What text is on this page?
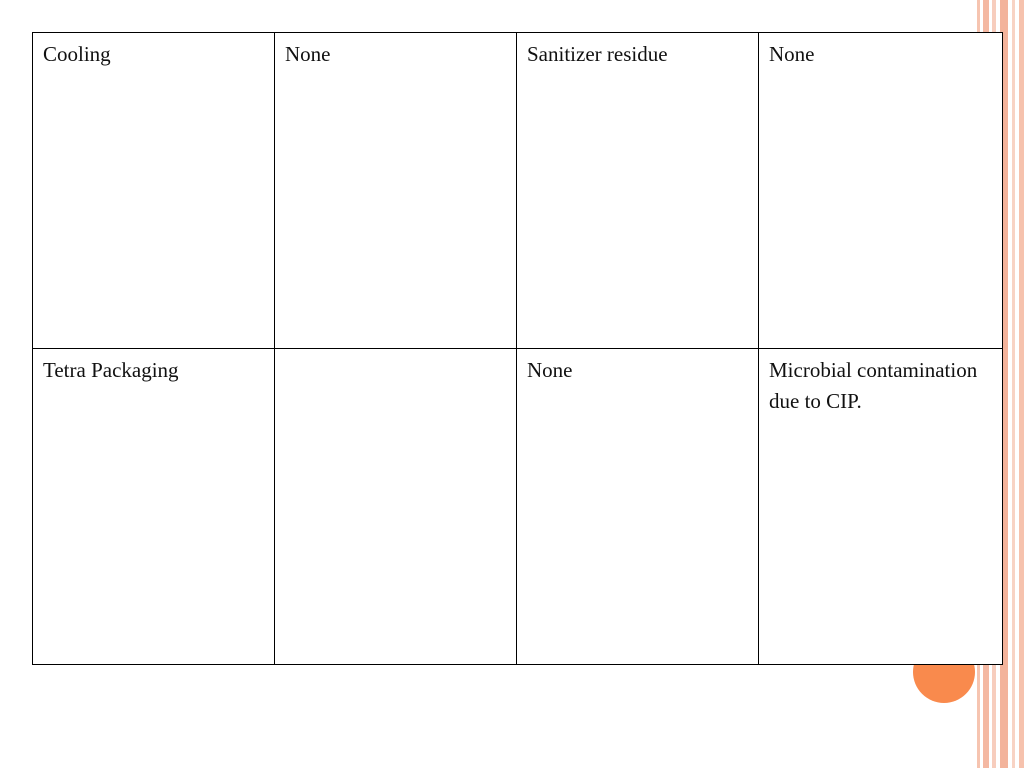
Cooling	None	Sanitizer residue	None
Tetra Packaging		None	Microbial contamination due to CIP.
